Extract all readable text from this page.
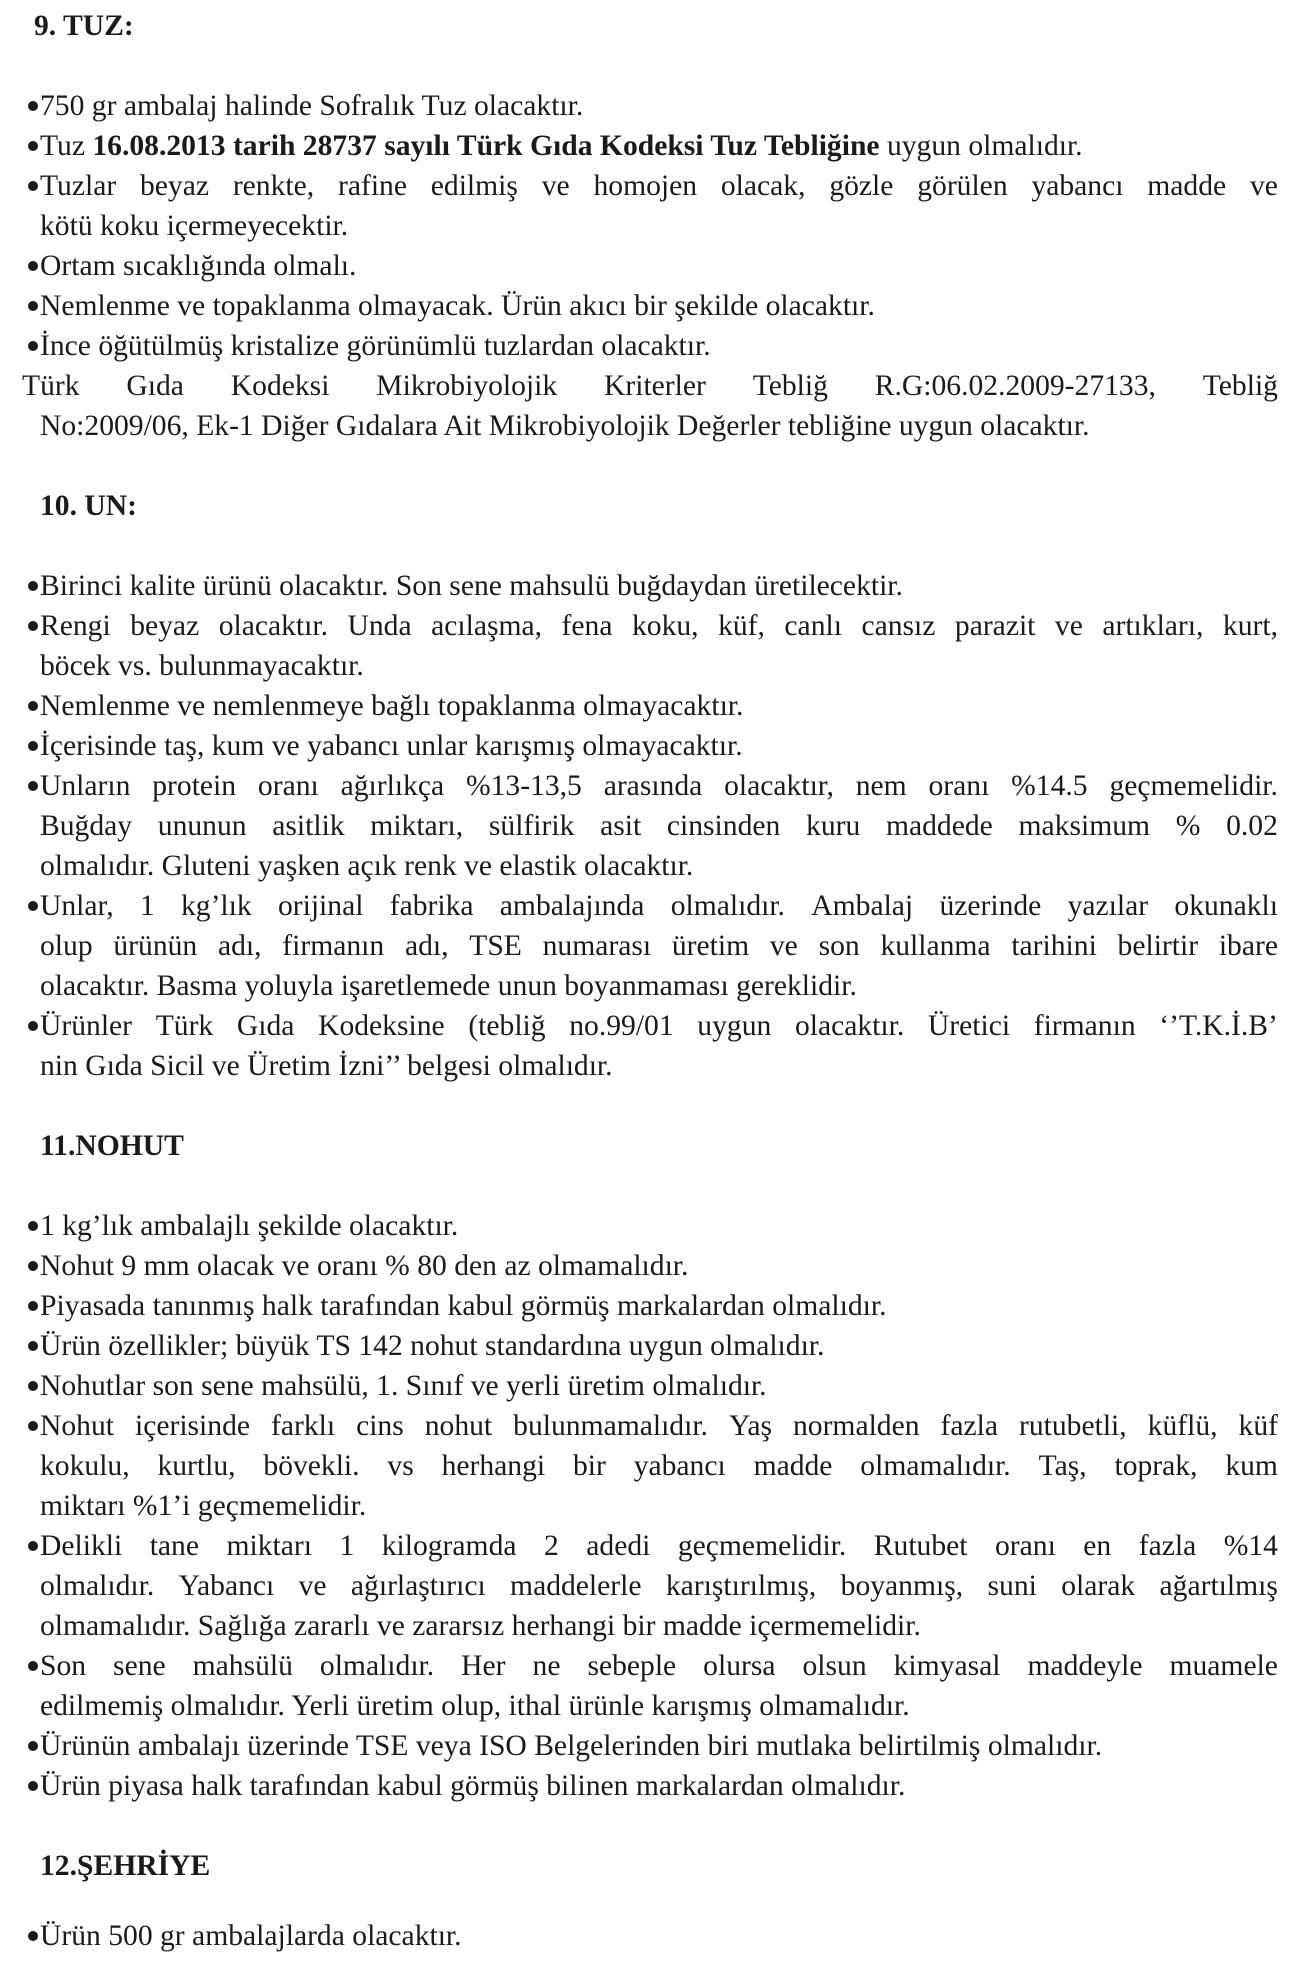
9. TUZ:
750 gr ambalaj halinde Sofralık Tuz olacaktır.
Tuz 16.08.2013 tarih 28737 sayılı Türk Gıda Kodeksi Tuz Tebliğine uygun olmalıdır.
Tuzlar beyaz renkte, rafine edilmiş ve homojen olacak, gözle görülen yabancı madde ve
kötü koku içermeyecektir.
Ortam sıcaklığında olmalı.
Nemlenme ve topaklanma olmayacak. Ürün akıcı bir şekilde olacaktır.
İnce öğütülmüş kristalize görünümlü tuzlardan olacaktır.
Türk Gıda Kodeksi Mikrobiyolojik Kriterler Tebliğ R.G:06.02.2009-27133, Tebliğ
No:2009/06, Ek-1 Diğer Gıdalara Ait Mikrobiyolojik Değerler tebliğine uygun olacaktır.
10. UN:
Birinci kalite ürünü olacaktır. Son sene mahsulü buğdaydan üretilecektir.
Rengi beyaz olacaktır. Unda acılaşma, fena koku, küf, canlı cansız parazit ve artıkları, kurt,
böcek vs. bulunmayacaktır.
Nemlenme ve nemlenmeye bağlı topaklanma olmayacaktır.
İçerisinde taş, kum ve yabancı unlar karışmış olmayacaktır.
Unların protein oranı ağırlıkça %13-13,5 arasında olacaktır, nem oranı %14.5 geçmemelidir.
Buğday ununun asitlik miktarı, sülfirik asit cinsinden kuru maddede maksimum % 0.02
olmalıdır. Gluteni yaşken açık renk ve elastik olacaktır.
Unlar, 1 kg’lık orijinal fabrika ambalajında olmalıdır. Ambalaj üzerinde yazılar okunaklı
olup ürünün adı, firmanın adı, TSE numarası üretim ve son kullanma tarihini belirtir ibare
olacaktır. Basma yoluyla işaretlemede unun boyanmaması gereklidir.
Ürünler Türk Gıda Kodeksine (tebliğ no.99/01 uygun olacaktır. Üretici firmanın ‘’T.K.İ.B’
nin Gıda Sicil ve Üretim İzni’’ belgesi olmalıdır.
11.NOHUT
1 kg’lık ambalajlı şekilde olacaktır.
Nohut 9 mm olacak ve oranı % 80 den az olmamalıdır.
Piyasada tanınmış halk tarafından kabul görmüş markalardan olmalıdır.
Ürün özellikler; büyük TS 142 nohut standardına uygun olmalıdır.
Nohutlar son sene mahsülü, 1. Sınıf ve yerli üretim olmalıdır.
Nohut içerisinde farklı cins nohut bulunmamalıdır. Yaş normalden fazla rutubetli, küflü, küf
kokulu, kurtlu, bövekli. vs herhangi bir yabancı madde olmamalıdır. Taş, toprak, kum
miktarı %1’i geçmemelidir.
Delikli tane miktarı 1 kilogramda 2 adedi geçmemelidir. Rutubet oranı en fazla %14
olmalıdır. Yabancı ve ağırlaştırıcı maddelerle karıştırılmış, boyanmış, suni olarak ağartılmış
olmamalıdır. Sağlığa zararlı ve zararsız herhangi bir madde içermemelidir.
Son sene mahsülü olmalıdır. Her ne sebeple olursa olsun kimyasal maddeyle muamele
edilmemiş olmalıdır. Yerli üretim olup, ithal ürünle karışmış olmamalıdır.
Ürünün ambalajı üzerinde TSE veya ISO Belgelerinden biri mutlaka belirtilmiş olmalıdır.
Ürün piyasa halk tarafından kabul görmüş bilinen markalardan olmalıdır.
12.ŞEHRİYE
Ürün 500 gr ambalajlarda olacaktır.
